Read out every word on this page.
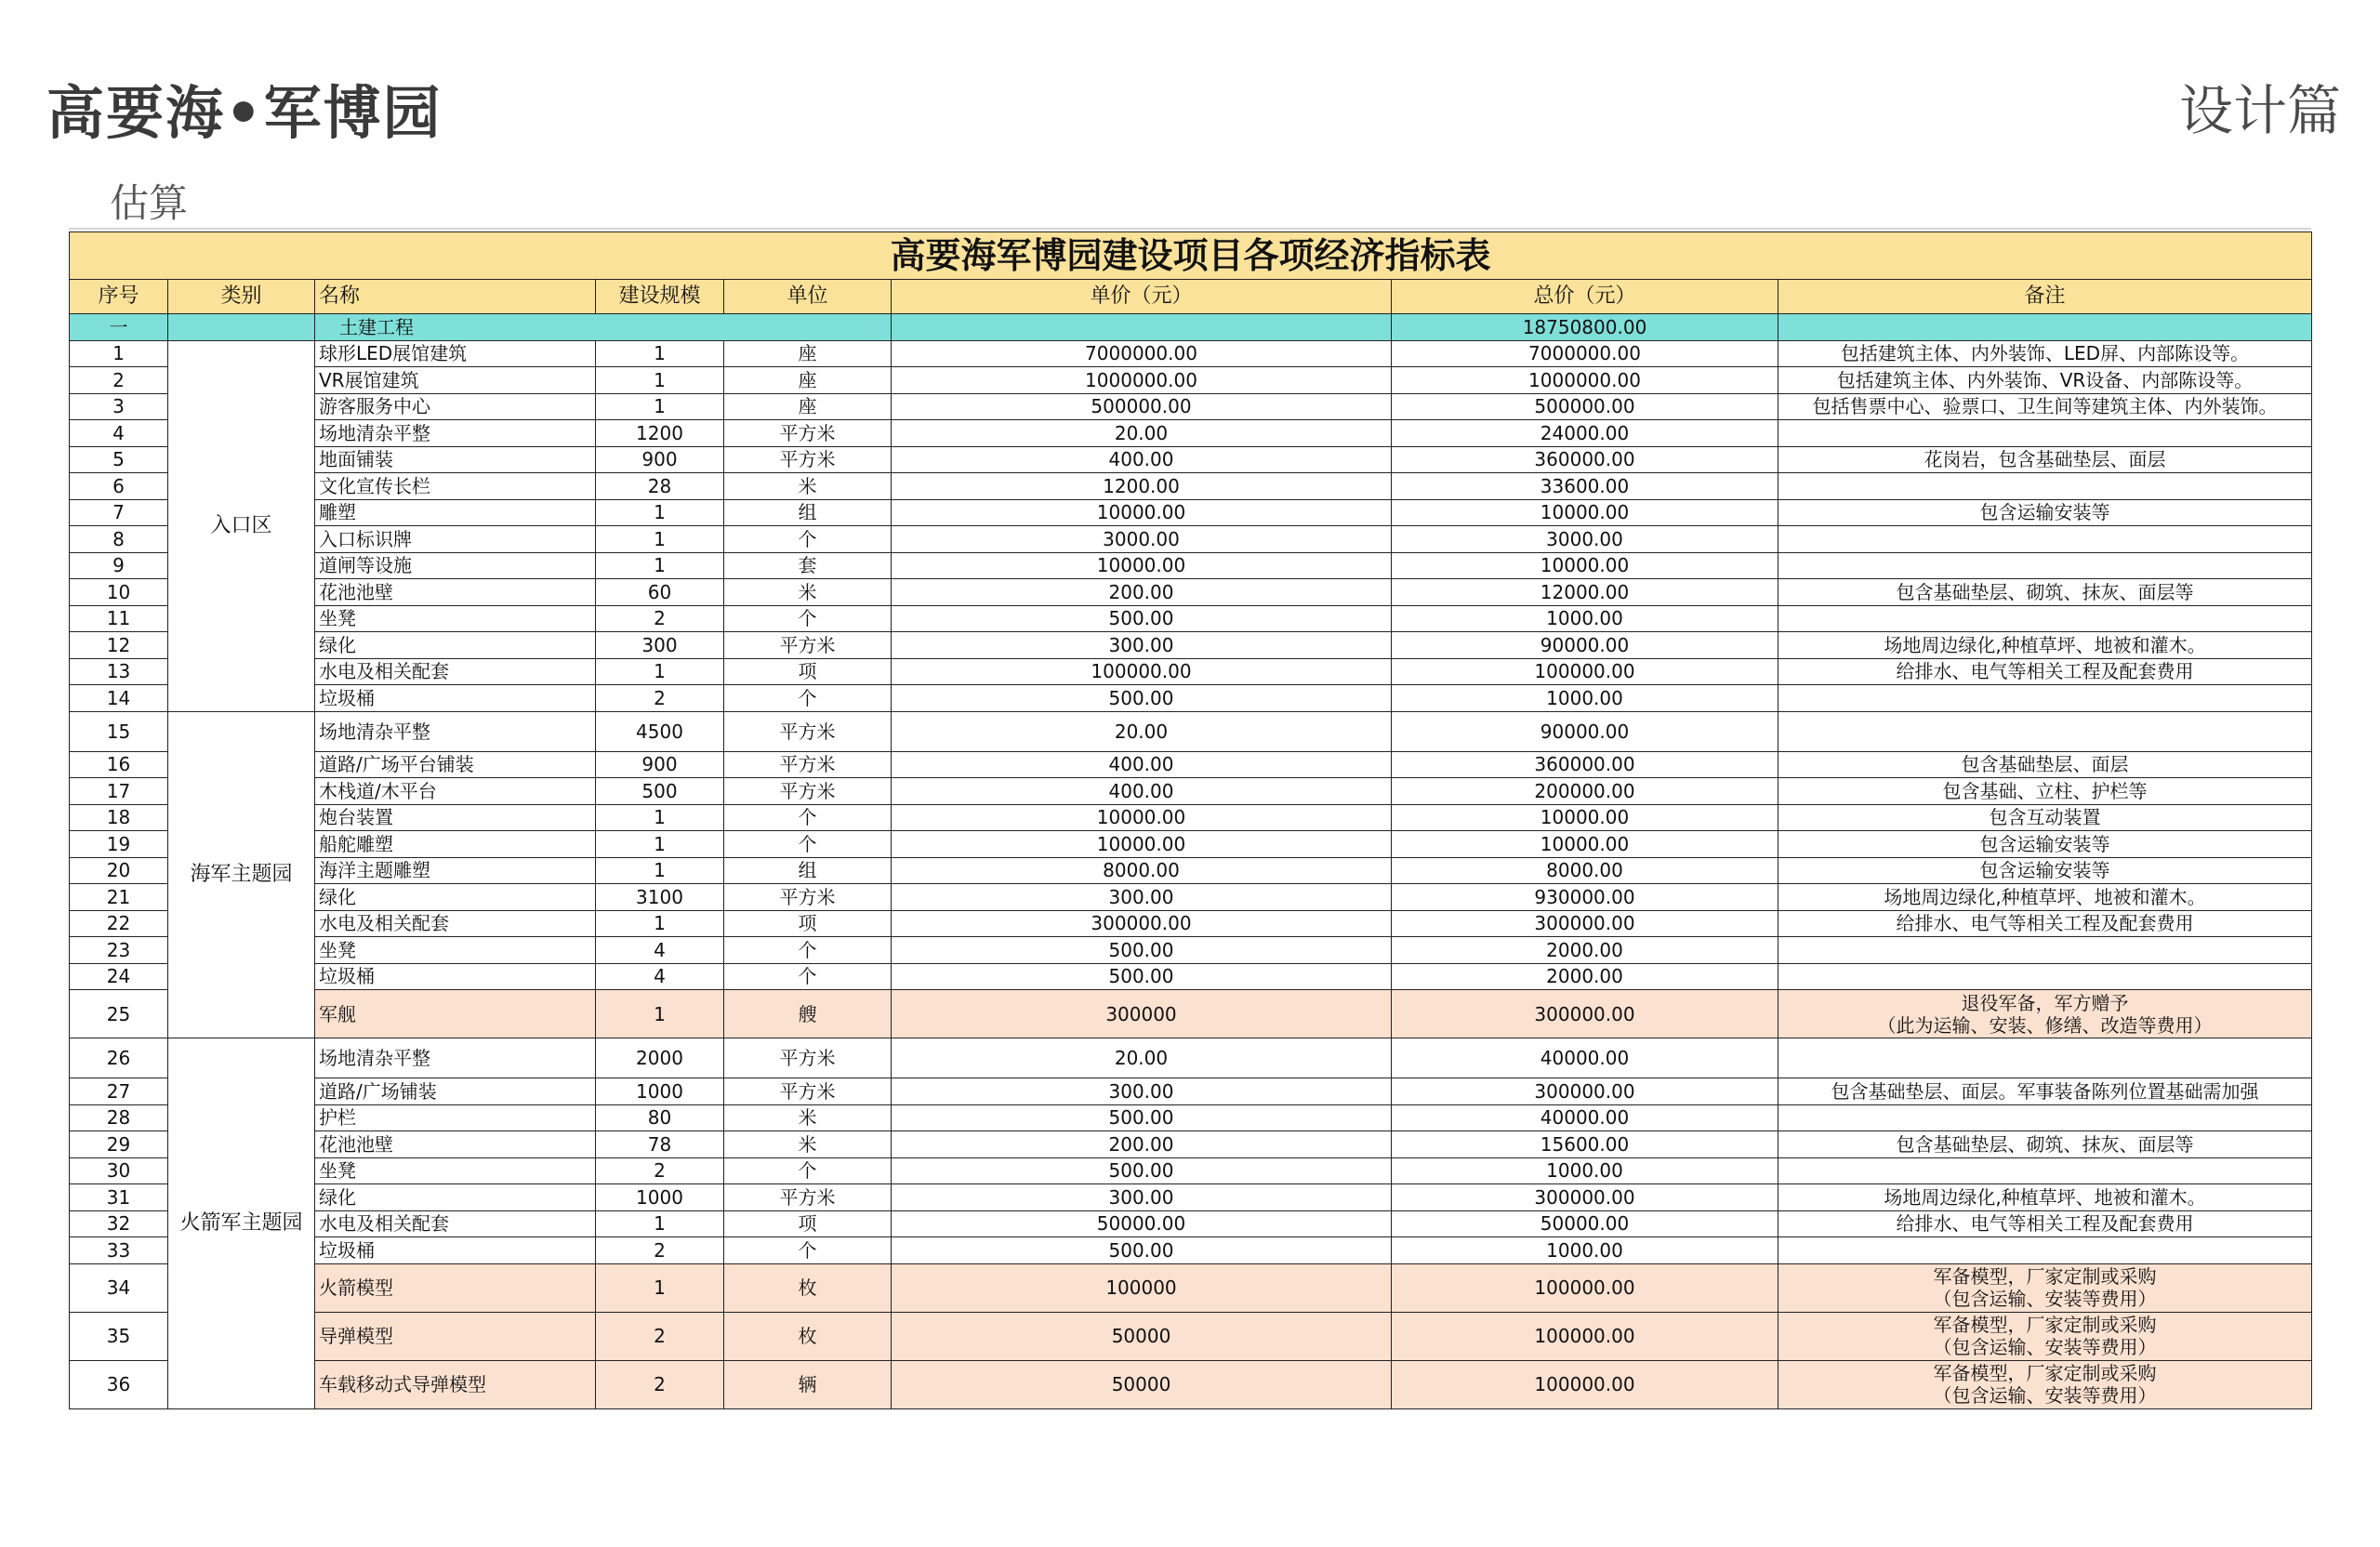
高要海•军博园	设计篇
估算
高要海军博园建设项目各项经济指标表							
序号	类别	名称	建设规模	单位	单价（元）	总价（元）	备注
一		土建工程				18750800.00	
1	入口区	球形LED展馆建筑	1	座	7000000.00	7000000.00	包括建筑主体、内外装饰、LED屏、内部陈设等。

2		VR展馆建筑	1	座	1000000.00	1000000.00	包括建筑主体、内外装饰、VR设备、内部陈设等。

3		游客服务中心	1	座	500000.00	500000.00	包括售票中心、验票口、卫生间等建筑主体、内外装饰。

4		场地清杂平整	1200	平方米	20.00	24000.00	

5		地面铺装	900	平方米	400.00	360000.00	花岗岩，包含基础垫层、面层

6		文化宣传长栏	28	米	1200.00	33600.00	

7		雕塑	1	组	10000.00	10000.00	包含运输安装等

8		入口标识牌	1	个	3000.00	3000.00	

9		道闸等设施	1	套	10000.00	10000.00	

10		花池池壁	60	米	200.00	12000.00	包含基础垫层、砌筑、抹灰、面层等

11		坐凳	2	个	500.00	1000.00	

12		绿化	300	平方米	300.00	90000.00	场地周边绿化,种植草坪、地被和灌木。

13		水电及相关配套	1	项	100000.00	100000.00	给排水、电气等相关工程及配套费用

14		垃圾桶	2	个	500.00	1000.00	

15	海军主题园	场地清杂平整	4500	平方米	20.00	90000.00	

16		道路/广场平台铺装	900	平方米	400.00	360000.00	包含基础垫层、面层

17		木栈道/木平台	500	平方米	400.00	200000.00	包含基础、立柱、护栏等

18		炮台装置	1	个	10000.00	10000.00	包含互动装置

19		船舵雕塑	1	个	10000.00	10000.00	包含运输安装等

20		海洋主题雕塑	1	组	8000.00	8000.00	包含运输安装等

21		绿化	3100	平方米	300.00	930000.00	场地周边绿化,种植草坪、地被和灌木。

22		水电及相关配套	1	项	300000.00	300000.00	给排水、电气等相关工程及配套费用

23		坐凳	4	个	500.00	2000.00	

24		垃圾桶	4	个	500.00	2000.00	

25		军舰	1	艘	300000	300000.00	退役军备，军方赠予
（此为运输、安装、修缮、改造等费用）

26	火箭军主题园	场地清杂平整	2000	平方米	20.00	40000.00	

27		道路/广场铺装	1000	平方米	300.00	300000.00	包含基础垫层、面层。军事装备陈列位置基础需加强

28		护栏	80	米	500.00	40000.00	

29		花池池壁	78	米	200.00	15600.00	包含基础垫层、砌筑、抹灰、面层等

30		坐凳	2	个	500.00	1000.00	

31		绿化	1000	平方米	300.00	300000.00	场地周边绿化,种植草坪、地被和灌木。

32		水电及相关配套	1	项	50000.00	50000.00	给排水、电气等相关工程及配套费用

33		垃圾桶	2	个	500.00	1000.00	

34		火箭模型	1	枚	100000	100000.00	军备模型，厂家定制或采购
（包含运输、安装等费用）

35		导弹模型	2	枚	50000	100000.00	军备模型，厂家定制或采购
（包含运输、安装等费用）

36		车载移动式导弹模型	2	辆	50000	100000.00	军备模型，厂家定制或采购
（包含运输、安装等费用）
